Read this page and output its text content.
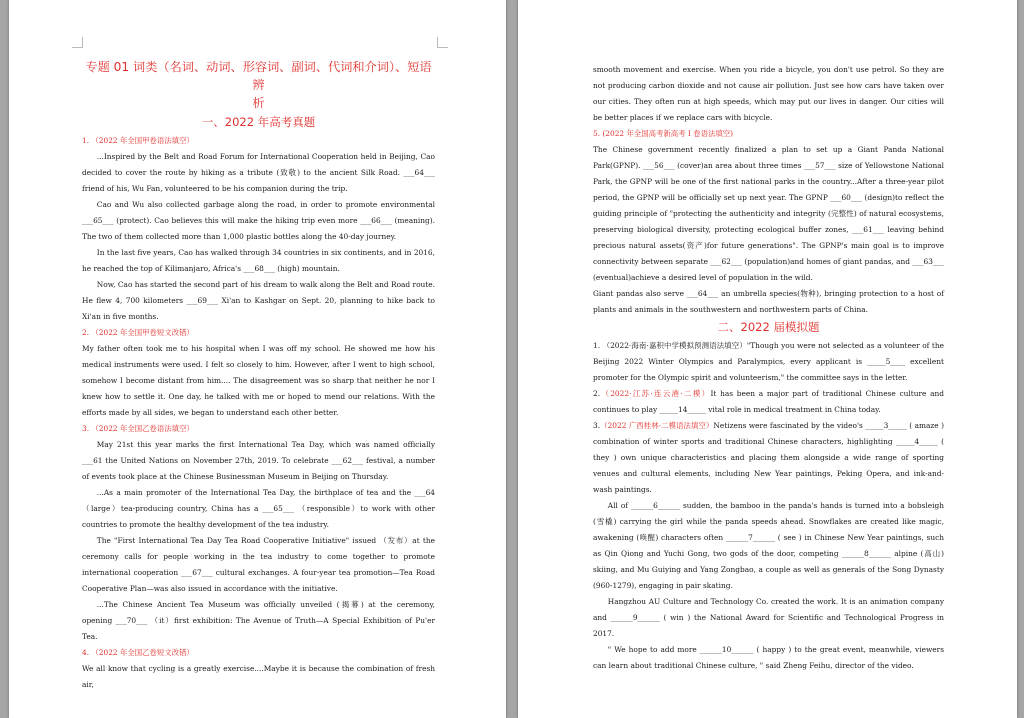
专题 01 词类（名词、动词、形容词、副词、代词和介词）、短语辨
析
一、2022 年高考真题

1. （2022 年全国甲卷语法填空）

...Inspired by the Belt and Road Forum for International Cooperation held in Beijing, Cao decided to cover the route by hiking as a tribute (致敬) to the ancient Silk Road. ___64___ friend of his, Wu Fan, volunteered to be his companion during the trip.

Cao and Wu also collected garbage along the road, in order to promote environmental ___65___ (protect). Cao believes this will make the hiking trip even more ___66___ (meaning). The two of them collected more than 1,000 plastic bottles along the 40-day journey.

In the last five years, Cao has walked through 34 countries in six continents, and in 2016, he reached the top of Kilimanjaro, Africa's ___68___ (high) mountain.

Now, Cao has started the second part of his dream to walk along the Belt and Road route. He flew 4, 700 kilometers ___69___ Xi'an to Kashgar on Sept. 20, planning to hike back to Xi'an in five months.

2. （2022 年全国甲卷短文改错）

My father often took me to his hospital when I was off my school. He showed me how his medical instruments were used. I felt so closely to him. However, after I went to high school, somehow I become distant from him.... The disagreement was so sharp that neither he nor I knew how to settle it. One day, he talked with me or hoped to mend our relations. With the efforts made by all sides, we began to understand each other better.

3. （2022 年全国乙卷语法填空）

May 21st this year marks the first International Tea Day, which was named officially ___61 the United Nations on November 27th, 2019. To celebrate ___62___ festival, a number of events took place at the Chinese Businessman Museum in Beijing on Thursday.

...As a main promoter of the International Tea Day, the birthplace of tea and the ___64 （large）tea-producing country, China has a ___65___ （responsible）to work with other countries to promote the healthy development of the tea industry.

The "First International Tea Day Tea Road Cooperative Initiative" issued （发布）at the ceremony calls for people working in the tea industry to come together to promote international cooperation ___67___ cultural exchanges. A four-year tea promotion—Tea Road Cooperative Plan—was also issued in accordance with the initiative.

...The Chinese Ancient Tea Museum was officially unveiled (揭幕) at the ceremony, opening ___70___ （it）first exhibition: The Avenue of Truth—A Special Exhibition of Pu'er Tea.

4. （2022 年全国乙卷短文改错）

We all know that cycling is a greatly exercise....Maybe it is because the combination of fresh air,

smooth movement and exercise. When you ride a bicycle, you don't use petrol. So they are not producing carbon dioxide and not cause air pollution. Just see how cars have taken over our cities. They often run at high speeds, which may put our lives in danger. Our cities will be better places if we replace cars with bicycle.

5. (2022 年全国高考新高考 I 卷语法填空)

The Chinese government recently finalized a plan to set up a Giant Panda National Park(GPNP). ___56___ (cover)an area about three times ___57___ size of Yellowstone National Park, the GPNP will be one of the first national parks in the country...After a three-year pilot period, the GPNP will be officially set up next year. The GPNP ___60___ (design)to reflect the guiding principle of "protecting the authenticity and integrity (完整性) of natural ecosystems, preserving biological diversity, protecting ecological buffer zones, ___61___ leaving behind precious natural assets(资产)for future generations". The GPNP's main goal is to improve connectivity between separate ___62___ (population)and homes of giant pandas, and ___63___ (eventual)achieve a desired level of population in the wild.

Giant pandas also serve ___64___ an umbrella species(物种), bringing protection to a host of plants and animals in the southwestern and northwestern parts of China.

二、2022 届模拟题

1. （2022·海南·嘉积中学模拟预测语法填空）"Though you were not selected as a volunteer of the Beijing 2022 Winter Olympics and Paralympics, every applicant is _____5____ excellent promoter for the Olympic spirit and volunteerism," the committee says in the letter.

2.（2022·江苏·连云港·二模）It has been a major part of traditional Chinese culture and continues to play _____14_____ vital role in medical treatment in China today.

3.（2022 广西桂林·二模语法填空）Netizens were fascinated by the video's _____3_____ ( amaze ) combination of winter sports and traditional Chinese characters, highlighting _____4_____ ( they ) own unique characteristics and placing them alongside a wide range of sporting venues and cultural elements, including New Year paintings, Peking Opera, and ink-and-wash paintings.

All of ______6______ sudden, the bamboo in the panda's hands is turned into a bobsleigh (雪橇) carrying the girl while the panda speeds ahead. Snowflakes are created like magic, awakening (唤醒) characters often ______7______ ( see ) in Chinese New Year paintings, such as Qin Qiong and Yuchi Gong, two gods of the door, competing ______8______ alpine (高山) skiing, and Mu Guiying and Yang Zongbao, a couple as well as generals of the Song Dynasty (960-1279), engaging in pair skating.

Hangzhou AU Culture and Technology Co. created the work. It is an animation company and ______9______ ( win ) the National Award for Scientific and Technological Progress in 2017.

" We hope to add more ______10______ ( happy ) to the great event, meanwhile, viewers can learn about traditional Chinese culture, " said Zheng Feihu, director of the video.
